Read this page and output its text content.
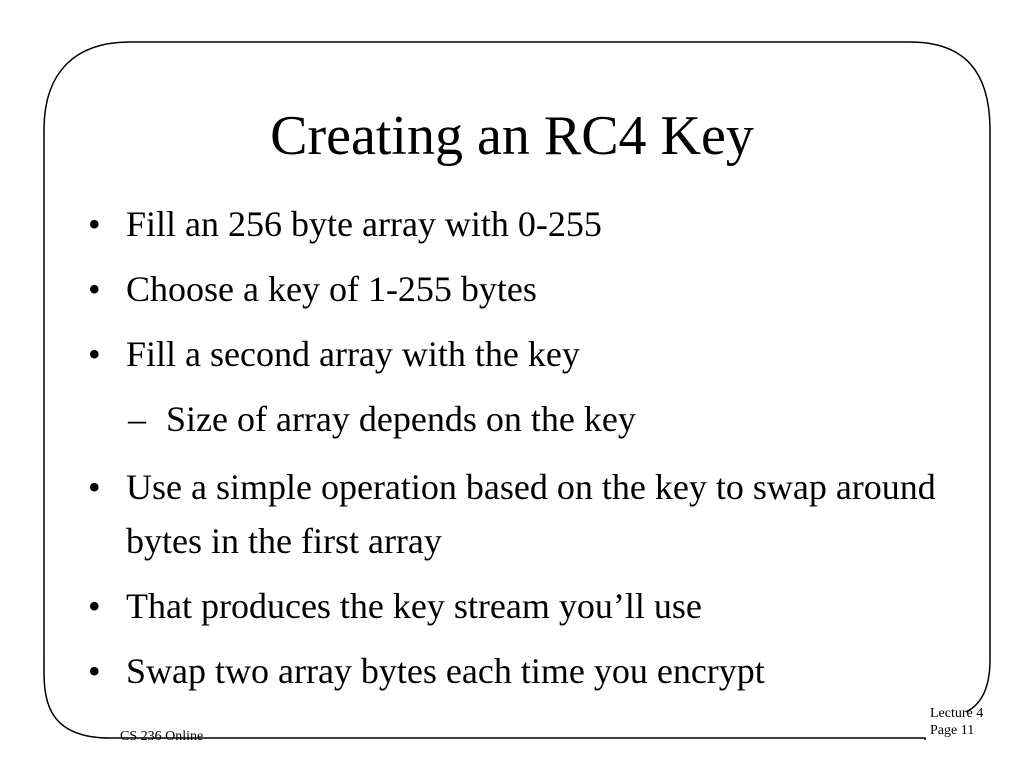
Creating an RC4 Key
• Fill an 256 byte array with 0-255
• Choose a key of 1-255 bytes
• Fill a second array with the key
– Size of array depends on the key
• Use a simple operation based on the key to swap around bytes in the first array
• That produces the key stream you’ll use
• Swap two array bytes each time you encrypt
CS 236 Online
Lecture 4
Page 11
